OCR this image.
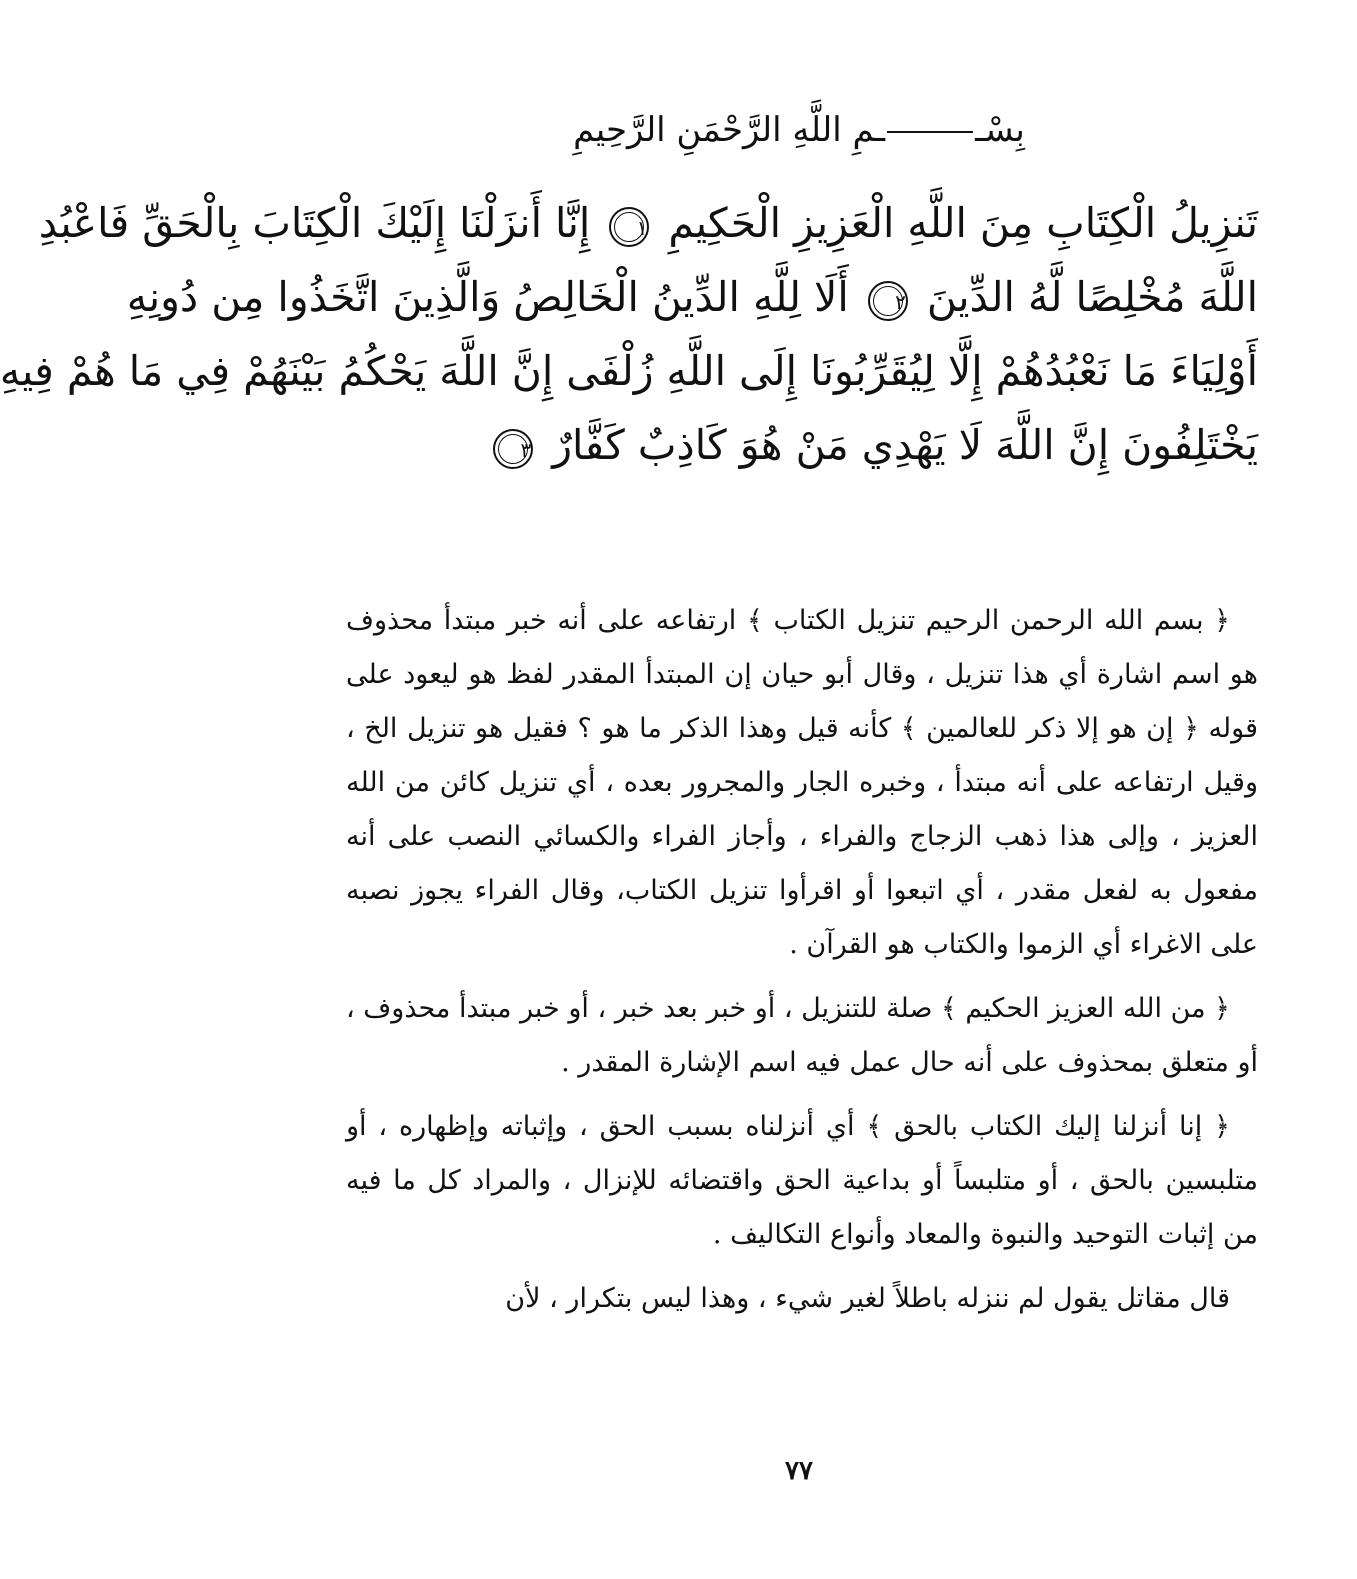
بِسْــمِ اللَّهِ الرَّحْمَنِ الرَّحِيمِ
تَنزِيلُ الْكِتَابِ مِنَ اللَّهِ الْعَزِيزِ الْحَكِيمِ ١ إِنَّا أَنزَلْنَا إِلَيْكَ الْكِتَابَ بِالْحَقِّ فَاعْبُدِ
اللَّهَ مُخْلِصًا لَّهُ الدِّينَ ٢ أَلَا لِلَّهِ الدِّينُ الْخَالِصُ وَالَّذِينَ اتَّخَذُوا مِن دُونِهِ
أَوْلِيَاءَ مَا نَعْبُدُهُمْ إِلَّا لِيُقَرِّبُونَا إِلَى اللَّهِ زُلْفَى إِنَّ اللَّهَ يَحْكُمُ بَيْنَهُمْ فِي مَا هُمْ فِيهِ
يَخْتَلِفُونَ إِنَّ اللَّهَ لَا يَهْدِي مَنْ هُوَ كَاذِبٌ كَفَّارٌ ٣

﴿ بسم الله الرحمن الرحيم تنزيل الكتاب ﴾ ارتفاعه على أنه خبر مبتدأ محذوف هو اسم اشارة أي هذا تنزيل ، وقال أبو حيان إن المبتدأ المقدر لفظ هو ليعود على قوله ﴿ إن هو إلا ذكر للعالمين ﴾ كأنه قيل وهذا الذكر ما هو ؟ فقيل هو تنزيل الخ ، وقيل ارتفاعه على أنه مبتدأ ، وخبره الجار والمجرور بعده ، أي تنزيل كائن من الله العزيز ، وإلى هذا ذهب الزجاج والفراء ، وأجاز الفراء والكسائي النصب على أنه مفعول به لفعل مقدر ، أي اتبعوا أو اقرأوا تنزيل الكتاب، وقال الفراء يجوز نصبه على الاغراء أي الزموا والكتاب هو القرآن .

﴿ من الله العزيز الحكيم ﴾ صلة للتنزيل ، أو خبر بعد خبر ، أو خبر مبتدأ محذوف ، أو متعلق بمحذوف على أنه حال عمل فيه اسم الإشارة المقدر .

﴿ إنا أنزلنا إليك الكتاب بالحق ﴾ أي أنزلناه بسبب الحق ، وإثباته وإظهاره ، أو متلبسين بالحق ، أو متلبساً أو بداعية الحق واقتضائه للإنزال ، والمراد كل ما فيه من إثبات التوحيد والنبوة والمعاد وأنواع التكاليف .

قال مقاتل يقول لم ننزله باطلاً لغير شيء ، وهذا ليس بتكرار ، لأن

٧٧
